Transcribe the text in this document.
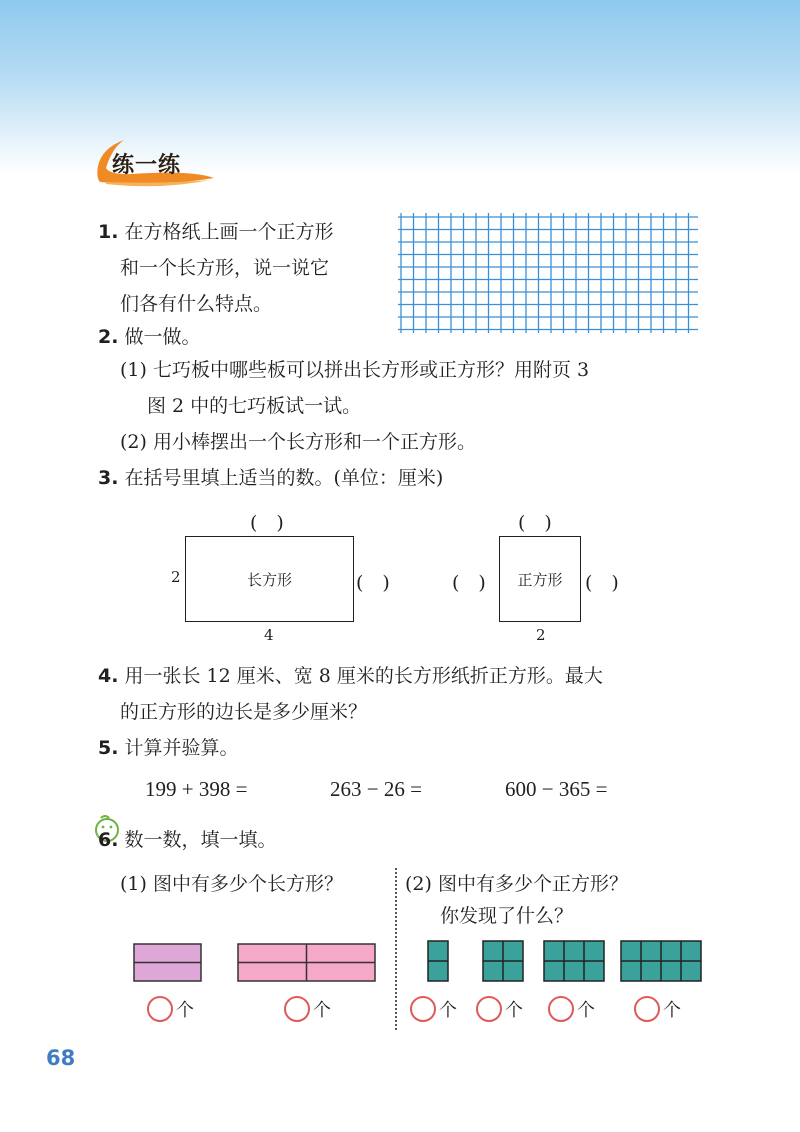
练一练
1. 在方格纸上画一个正方形
和一个长方形，说一说它
们各有什么特点。
2. 做一做。
(1) 七巧板中哪些板可以拼出长方形或正方形？用附页 3
图 2 中的七巧板试一试。
(2) 用小棒摆出一个长方形和一个正方形。
3. 在括号里填上适当的数。(单位：厘米)
(　)
2	长方形	(　)
4
(　)
(　)	正方形	(　)
2
4. 用一张长 12 厘米、宽 8 厘米的长方形纸折正方形。最大
的正方形的边长是多少厘米？
5. 计算并验算。
199 + 398 =	263 − 26 =	600 − 365 =
6. 数一数，填一填。
(1) 图中有多少个长方形？	(2) 图中有多少个正方形？
你发现了什么？
个	个	个	个	个	个
68
